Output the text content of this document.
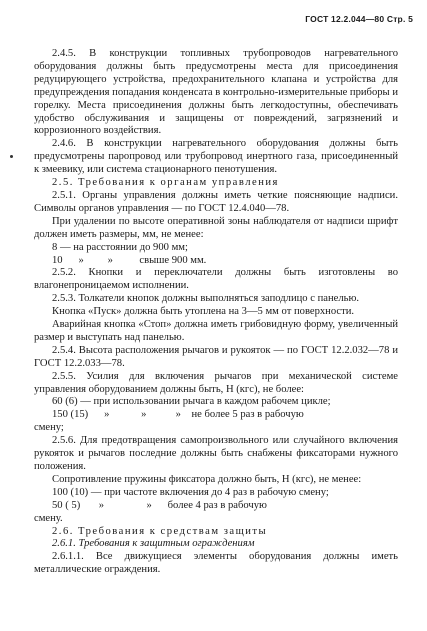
ГОСТ 12.2.044—80 Стр. 5

2.4.5. В конструкции топливных трубопроводов нагревательного оборудования должны быть предусмотрены места для присоединения редуцирующего устройства, предохранительного клапана и устройства для предупреждения попадания конденсата в контрольно-измерительные приборы и горелку. Места присоединения должны быть легкодоступны, обеспечивать удобство обслуживания и защищены от повреждений, загрязнений и коррозионного воздействия.

2.4.6. В конструкции нагревательного оборудования должны быть предусмотрены паропровод или трубопровод инертного газа, присоединенный к змеевику, или система стационарного пенотушения.

2.5. Требования к органам управления

2.5.1. Органы управления должны иметь четкие поясняющие надписи. Символы органов управления — по ГОСТ 12.4.040—78.

При удалении по высоте оперативной зоны наблюдателя от надписи шрифт должен иметь размеры, мм, не менее:

8 — на расстоянии до 900 мм;

10 » » свыше 900 мм.

2.5.2. Кнопки и переключатели должны быть изготовлены во влагонепроницаемом исполнении.

2.5.3. Толкатели кнопок должны выполняться заподлицо с панелью.

Кнопка «Пуск» должна быть утоплена на 3—5 мм от поверхности.

Аварийная кнопка «Стоп» должна иметь грибовидную форму, увеличенный размер и выступать над панелью.

2.5.4. Высота расположения рычагов и рукояток — по ГОСТ 12.2.032—78 и ГОСТ 12.2.033—78.

2.5.5. Усилия для включения рычагов при механической системе управления оборудованием должны быть, Н (кгс), не более:

60 (6) — при использовании рычага в каждом рабочем цикле;

150 (15) »	»	» не более 5 раз в рабочую

смену;

2.5.6. Для предотвращения самопроизвольного или случайного включения рукояток и рычагов последние должны быть снабжены фиксаторами нужного положения.

Сопротивление пружины фиксатора должно быть, Н (кгс), не менее:

100 (10) — при частоте включения до 4 раз в рабочую смену;

50 ( 5) »	» более 4 раз в рабочую

смену.

2.6. Требования к средствам защиты

2.6.1. Требования к защитным ограждениям

2.6.1.1. Все движущиеся элементы оборудования должны иметь металлические ограждения.
